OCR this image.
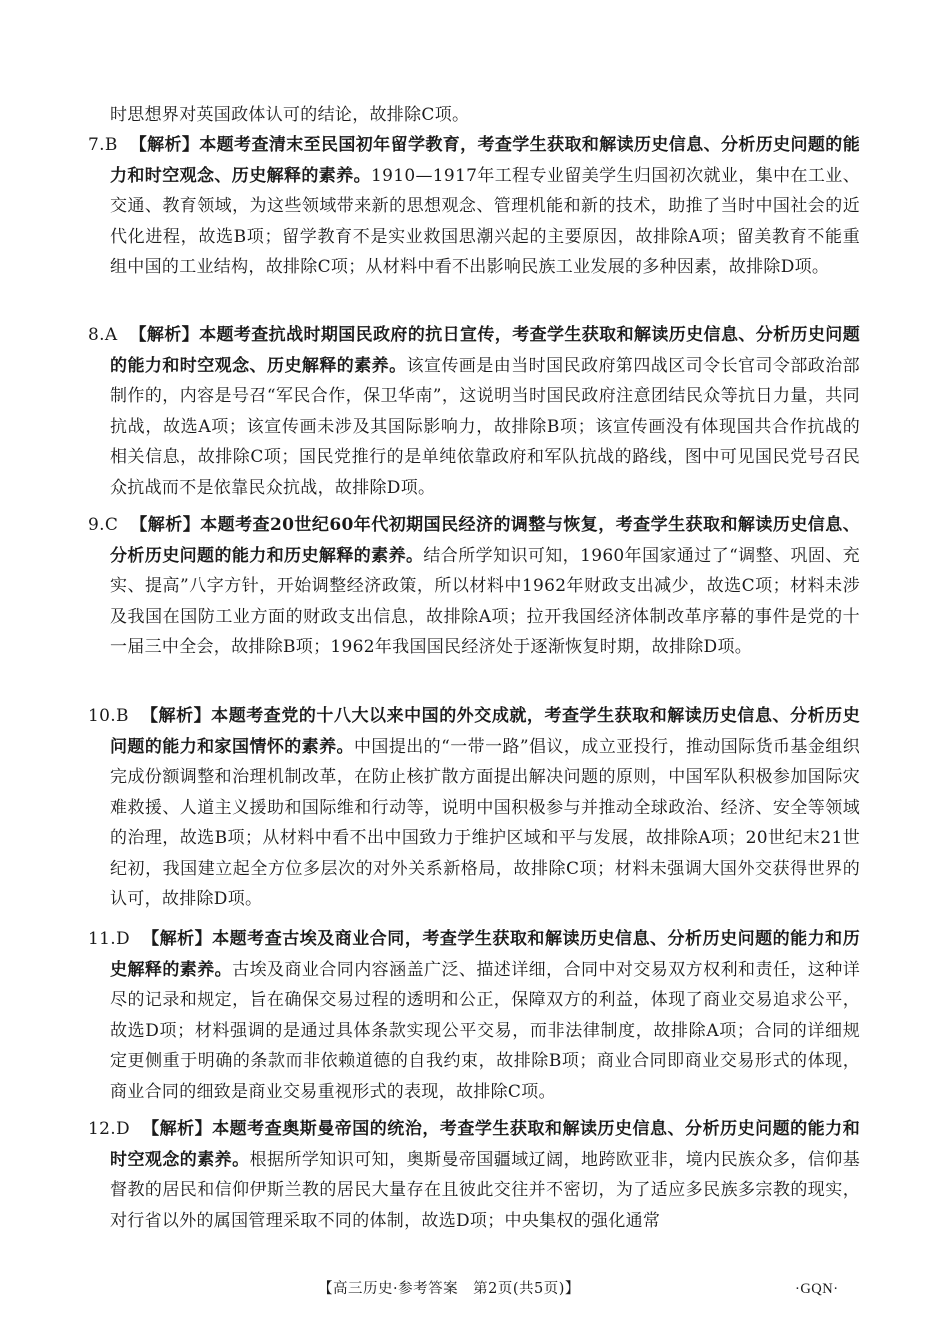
时思想界对英国政体认可的结论，故排除C项。
7.B 【解析】本题考查清末至民国初年留学教育，考查学生获取和解读历史信息、分析历史问题的能力和时空观念、历史解释的素养。1910—1917年工程专业留美学生归国初次就业，集中在工业、交通、教育领域，为这些领域带来新的思想观念、管理机能和新的技术，助推了当时中国社会的近代化进程，故选B项；留学教育不是实业救国思潮兴起的主要原因，故排除A项；留美教育不能重组中国的工业结构，故排除C项；从材料中看不出影响民族工业发展的多种因素，故排除D项。
8.A 【解析】本题考查抗战时期国民政府的抗日宣传，考查学生获取和解读历史信息、分析历史问题的能力和时空观念、历史解释的素养。该宣传画是由当时国民政府第四战区司令长官司令部政治部制作的，内容是号召“军民合作，保卫华南”，这说明当时国民政府注意团结民众等抗日力量，共同抗战，故选A项；该宣传画未涉及其国际影响力，故排除B项；该宣传画没有体现国共合作抗战的相关信息，故排除C项；国民党推行的是单纯依靠政府和军队抗战的路线，图中可见国民党号召民众抗战而不是依靠民众抗战，故排除D项。
9.C 【解析】本题考查20世纪60年代初期国民经济的调整与恢复，考查学生获取和解读历史信息、分析历史问题的能力和历史解释的素养。结合所学知识可知，1960年国家通过了“调整、巩固、充实、提高”八字方针，开始调整经济政策，所以材料中1962年财政支出减少，故选C项；材料未涉及我国在国防工业方面的财政支出信息，故排除A项；拉开我国经济体制改革序幕的事件是党的十一届三中全会，故排除B项；1962年我国国民经济处于逐渐恢复时期，故排除D项。
10.B 【解析】本题考查党的十八大以来中国的外交成就，考查学生获取和解读历史信息、分析历史问题的能力和家国情怀的素养。中国提出的“一带一路”倡议，成立亚投行，推动国际货币基金组织完成份额调整和治理机制改革，在防止核扩散方面提出解决问题的原则，中国军队积极参加国际灾难救援、人道主义援助和国际维和行动等，说明中国积极参与并推动全球政治、经济、安全等领域的治理，故选B项；从材料中看不出中国致力于维护区域和平与发展，故排除A项；20世纪末21世纪初，我国建立起全方位多层次的对外关系新格局，故排除C项；材料未强调大国外交获得世界的认可，故排除D项。
11.D 【解析】本题考查古埃及商业合同，考查学生获取和解读历史信息、分析历史问题的能力和历史解释的素养。古埃及商业合同内容涵盖广泛、描述详细，合同中对交易双方权利和责任，这种详尽的记录和规定，旨在确保交易过程的透明和公正，保障双方的利益，体现了商业交易追求公平，故选D项；材料强调的是通过具体条款实现公平交易，而非法律制度，故排除A项；合同的详细规定更侧重于明确的条款而非依赖道德的自我约束，故排除B项；商业合同即商业交易形式的体现，商业合同的细致是商业交易重视形式的表现，故排除C项。
12.D 【解析】本题考查奥斯曼帝国的统治，考查学生获取和解读历史信息、分析历史问题的能力和时空观念的素养。根据所学知识可知，奥斯曼帝国疆域辽阔，地跨欧亚非，境内民族众多，信仰基督教的居民和信仰伊斯兰教的居民大量存在且彼此交往并不密切，为了适应多民族多宗教的现实，对行省以外的属国管理采取不同的体制，故选D项；中央集权的强化通常
【高三历史·参考答案　第2页(共5页)】	·GQN·
